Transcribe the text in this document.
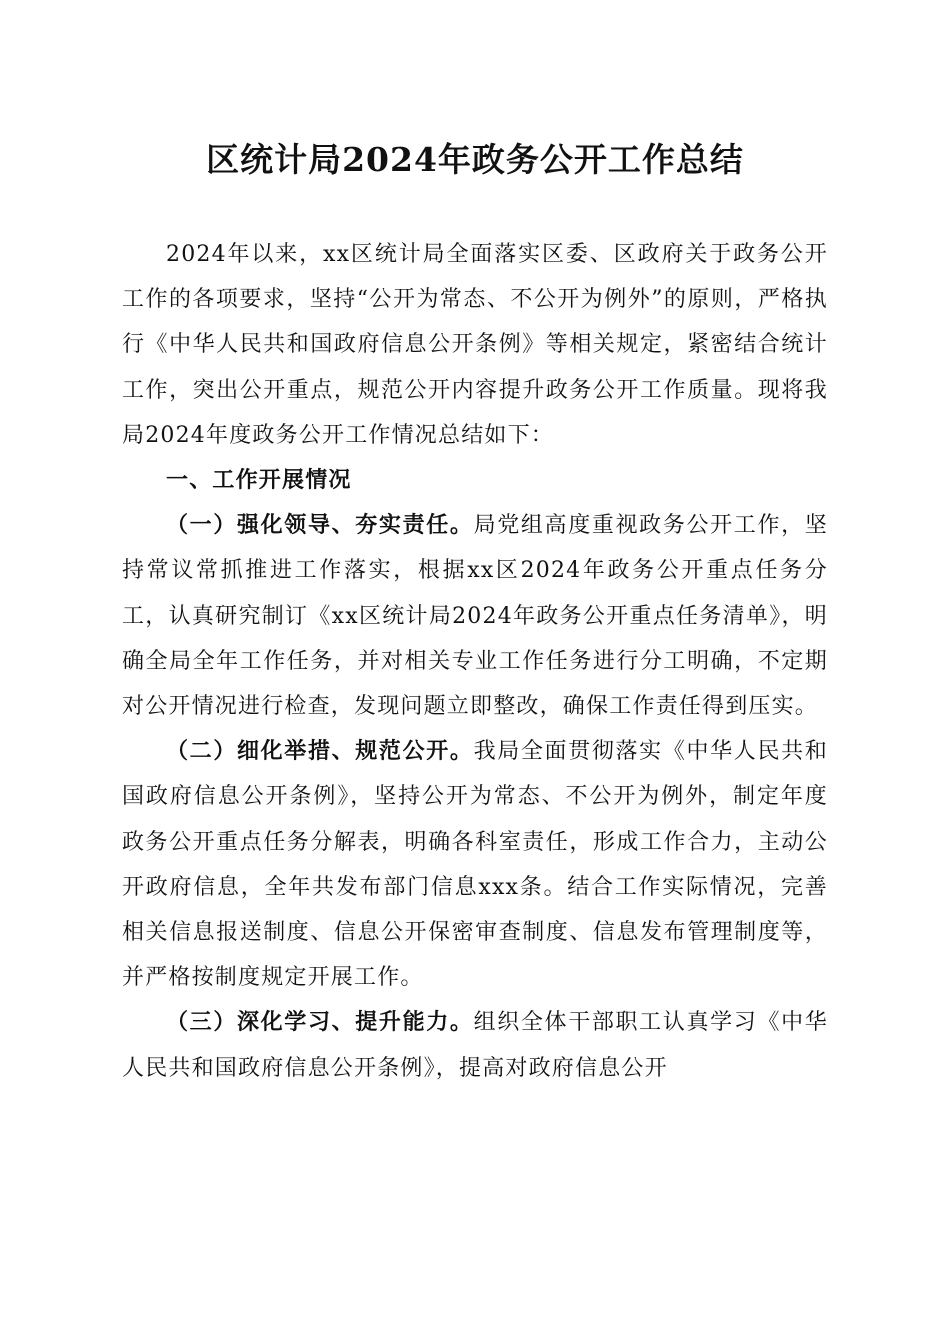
区统计局2024年政务公开工作总结

2024年以来，xx区统计局全面落实区委、区政府关于政务公开工作的各项要求，坚持“公开为常态、不公开为例外”的原则，严格执行《中华人民共和国政府信息公开条例》等相关规定，紧密结合统计工作，突出公开重点，规范公开内容提升政务公开工作质量。现将我局2024年度政务公开工作情况总结如下：

一、工作开展情况

（一）强化领导、夯实责任。局党组高度重视政务公开工作，坚持常议常抓推进工作落实，根据xx区2024年政务公开重点任务分工，认真研究制订《xx区统计局2024年政务公开重点任务清单》，明确全局全年工作任务，并对相关专业工作任务进行分工明确，不定期对公开情况进行检查，发现问题立即整改，确保工作责任得到压实。

（二）细化举措、规范公开。我局全面贯彻落实《中华人民共和国政府信息公开条例》，坚持公开为常态、不公开为例外，制定年度政务公开重点任务分解表，明确各科室责任，形成工作合力，主动公开政府信息，全年共发布部门信息xxx条。结合工作实际情况，完善相关信息报送制度、信息公开保密审查制度、信息发布管理制度等，并严格按制度规定开展工作。

（三）深化学习、提升能力。组织全体干部职工认真学习《中华人民共和国政府信息公开条例》，提高对政府信息公开
